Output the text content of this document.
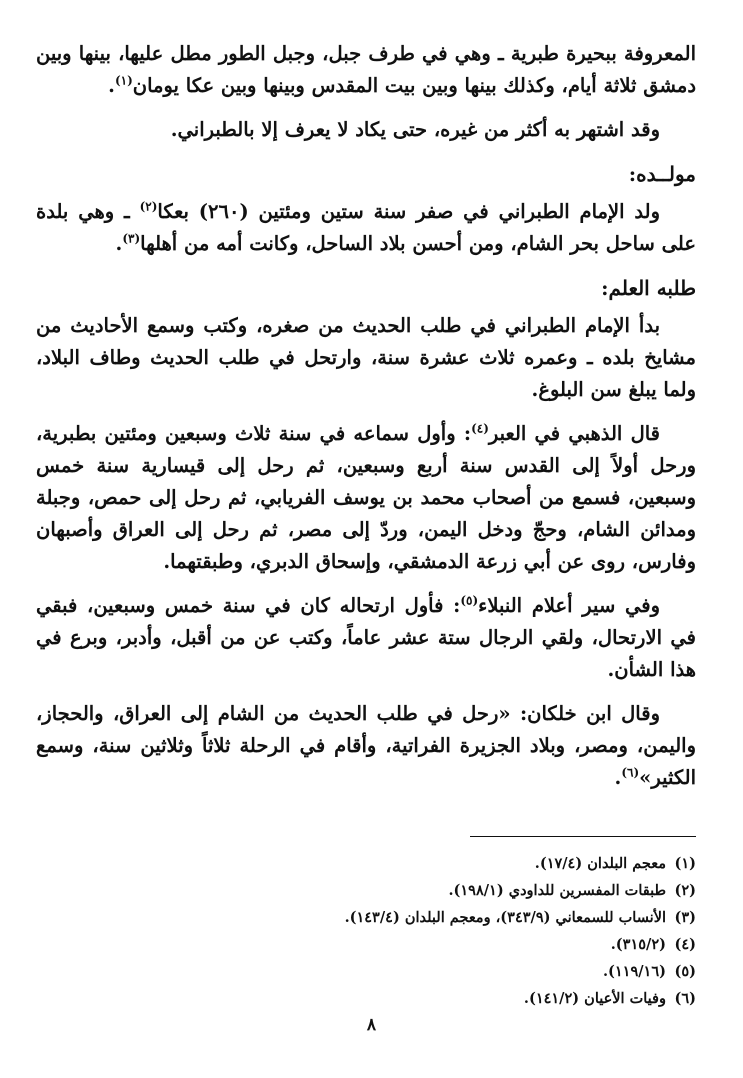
المعروفة ببحيرة طبرية ـ وهي في طرف جبل، وجبل الطور مطل عليها، بينها وبين دمشق ثلاثة أيام، وكذلك بينها وبين بيت المقدس وبينها وبين عكا يومان$^{(١)}$.

وقد اشتهر به أكثر من غيره، حتى يكاد لا يعرف إلا بالطبراني.

مولــده:

ولد الإمام الطبراني في صفر سنة ستين ومئتين (٢٦٠) بعكا$^{(٢)}$ ـ وهي بلدة على ساحل بحر الشام، ومن أحسن بلاد الساحل، وكانت أمه من أهلها$^{(٣)}$.

طلبه العلم:

بدأ الإمام الطبراني في طلب الحديث من صغره، وكتب وسمع الأحاديث من مشايخ بلده ـ وعمره ثلاث عشرة سنة، وارتحل في طلب الحديث وطاف البلاد، ولما يبلغ سن البلوغ.

قال الذهبي في العبر$^{(٤)}$: وأول سماعه في سنة ثلاث وسبعين ومئتين بطبرية، ورحل أولاً إلى القدس سنة أربع وسبعين، ثم رحل إلى قيسارية سنة خمس وسبعين، فسمع من أصحاب محمد بن يوسف الفريابي، ثم رحل إلى حمص، وجبلة ومدائن الشام، وحجّ ودخل اليمن، وردّ إلى مصر، ثم رحل إلى العراق وأصبهان وفارس، روى عن أبي زرعة الدمشقي، وإسحاق الدبري، وطبقتهما.

وفي سير أعلام النبلاء$^{(٥)}$: فأول ارتحاله كان في سنة خمس وسبعين، فبقي في الارتحال، ولقي الرجال ستة عشر عاماً، وكتب عن من أقبل، وأدبر، وبرع في هذا الشأن.

وقال ابن خلكان: «رحل في طلب الحديث من الشام إلى العراق، والحجاز، واليمن، ومصر، وبلاد الجزيرة الفراتية، وأقام في الرحلة ثلاثاً وثلاثين سنة، وسمع الكثير»$^{(٦)}$.

(١)معجم البلدان (١٧/٤).
(٢)طبقات المفسرين للداودي (١٩٨/١).
(٣)الأنساب للسمعاني (٣٤٣/٩)، ومعجم البلدان (١٤٣/٤).
(٤)(٣١٥/٢).
(٥)(١١٩/١٦).
(٦)وفيات الأعيان (١٤١/٢).
٨
